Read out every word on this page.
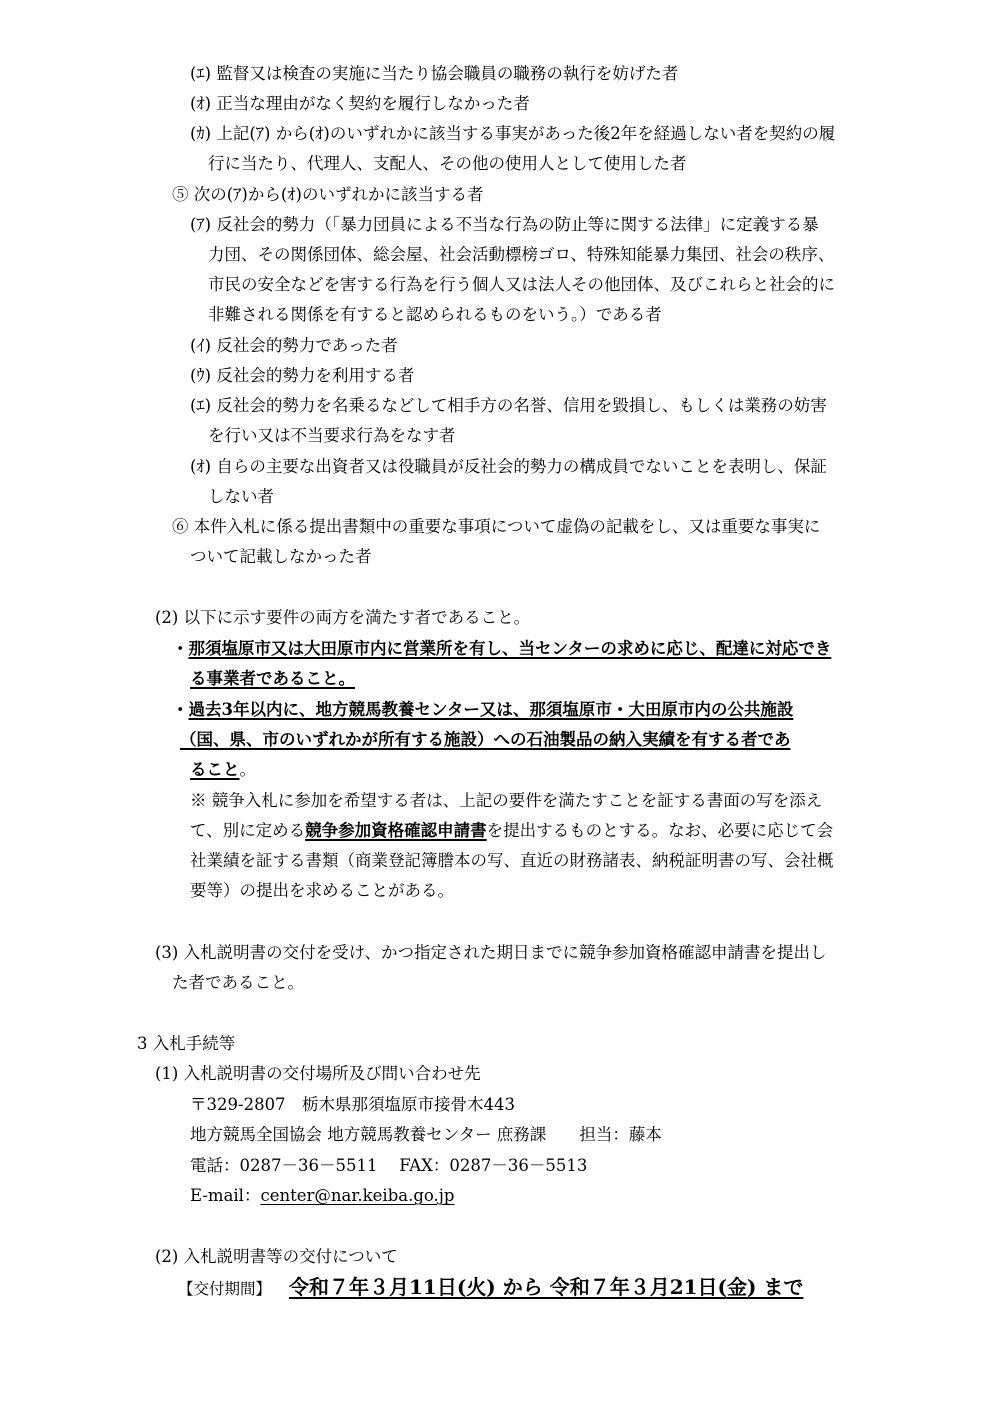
(ｴ) 監督又は検査の実施に当たり協会職員の職務の執行を妨げた者
(ｵ) 正当な理由がなく契約を履行しなかった者
(ｶ) 上記(ｱ) から(ｵ)のいずれかに該当する事実があった後2年を経過しない者を契約の履
行に当たり、代理人、支配人、その他の使用人として使用した者
⑤ 次の(ｱ)から(ｵ)のいずれかに該当する者
(ｱ) 反社会的勢力（「暴力団員による不当な行為の防止等に関する法律」に定義する暴
力団、その関係団体、総会屋、社会活動標榜ゴロ、特殊知能暴力集団、社会の秩序、
市民の安全などを害する行為を行う個人又は法人その他団体、及びこれらと社会的に
非難される関係を有すると認められるものをいう。）である者
(ｲ) 反社会的勢力であった者
(ｳ) 反社会的勢力を利用する者
(ｴ) 反社会的勢力を名乗るなどして相手方の名誉、信用を毀損し、もしくは業務の妨害
を行い又は不当要求行為をなす者
(ｵ) 自らの主要な出資者又は役職員が反社会的勢力の構成員でないことを表明し、保証
しない者
⑥ 本件入札に係る提出書類中の重要な事項について虚偽の記載をし、又は重要な事実に
ついて記載しなかった者
(2) 以下に示す要件の両方を満たす者であること。
・那須塩原市又は大田原市内に営業所を有し、当センターの求めに応じ、配達に対応でき
る事業者であること。
・過去3年以内に、地方競馬教養センター又は、那須塩原市・大田原市内の公共施設
（国、県、市のいずれかが所有する施設）への石油製品の納入実績を有する者であ
ること。
※ 競争入札に参加を希望する者は、上記の要件を満たすことを証する書面の写を添え
て、別に定める競争参加資格確認申請書を提出するものとする。なお、必要に応じて会
社業績を証する書類（商業登記簿謄本の写、直近の財務諸表、納税証明書の写、会社概
要等）の提出を求めることがある。
(3) 入札説明書の交付を受け、かつ指定された期日までに競争参加資格確認申請書を提出し
た者であること。
3 入札手続等
(1) 入札説明書の交付場所及び問い合わせ先
〒329-2807　栃木県那須塩原市接骨木443
地方競馬全国協会 地方競馬教養センター 庶務課　　担当：藤本
電話：0287－36－5511　 FAX：0287－36－5513
E-mail：center@nar.keiba.go.jp
(2) 入札説明書等の交付について
【交付期間】 令和７年３月11日(火) から 令和７年３月21日(金) まで
